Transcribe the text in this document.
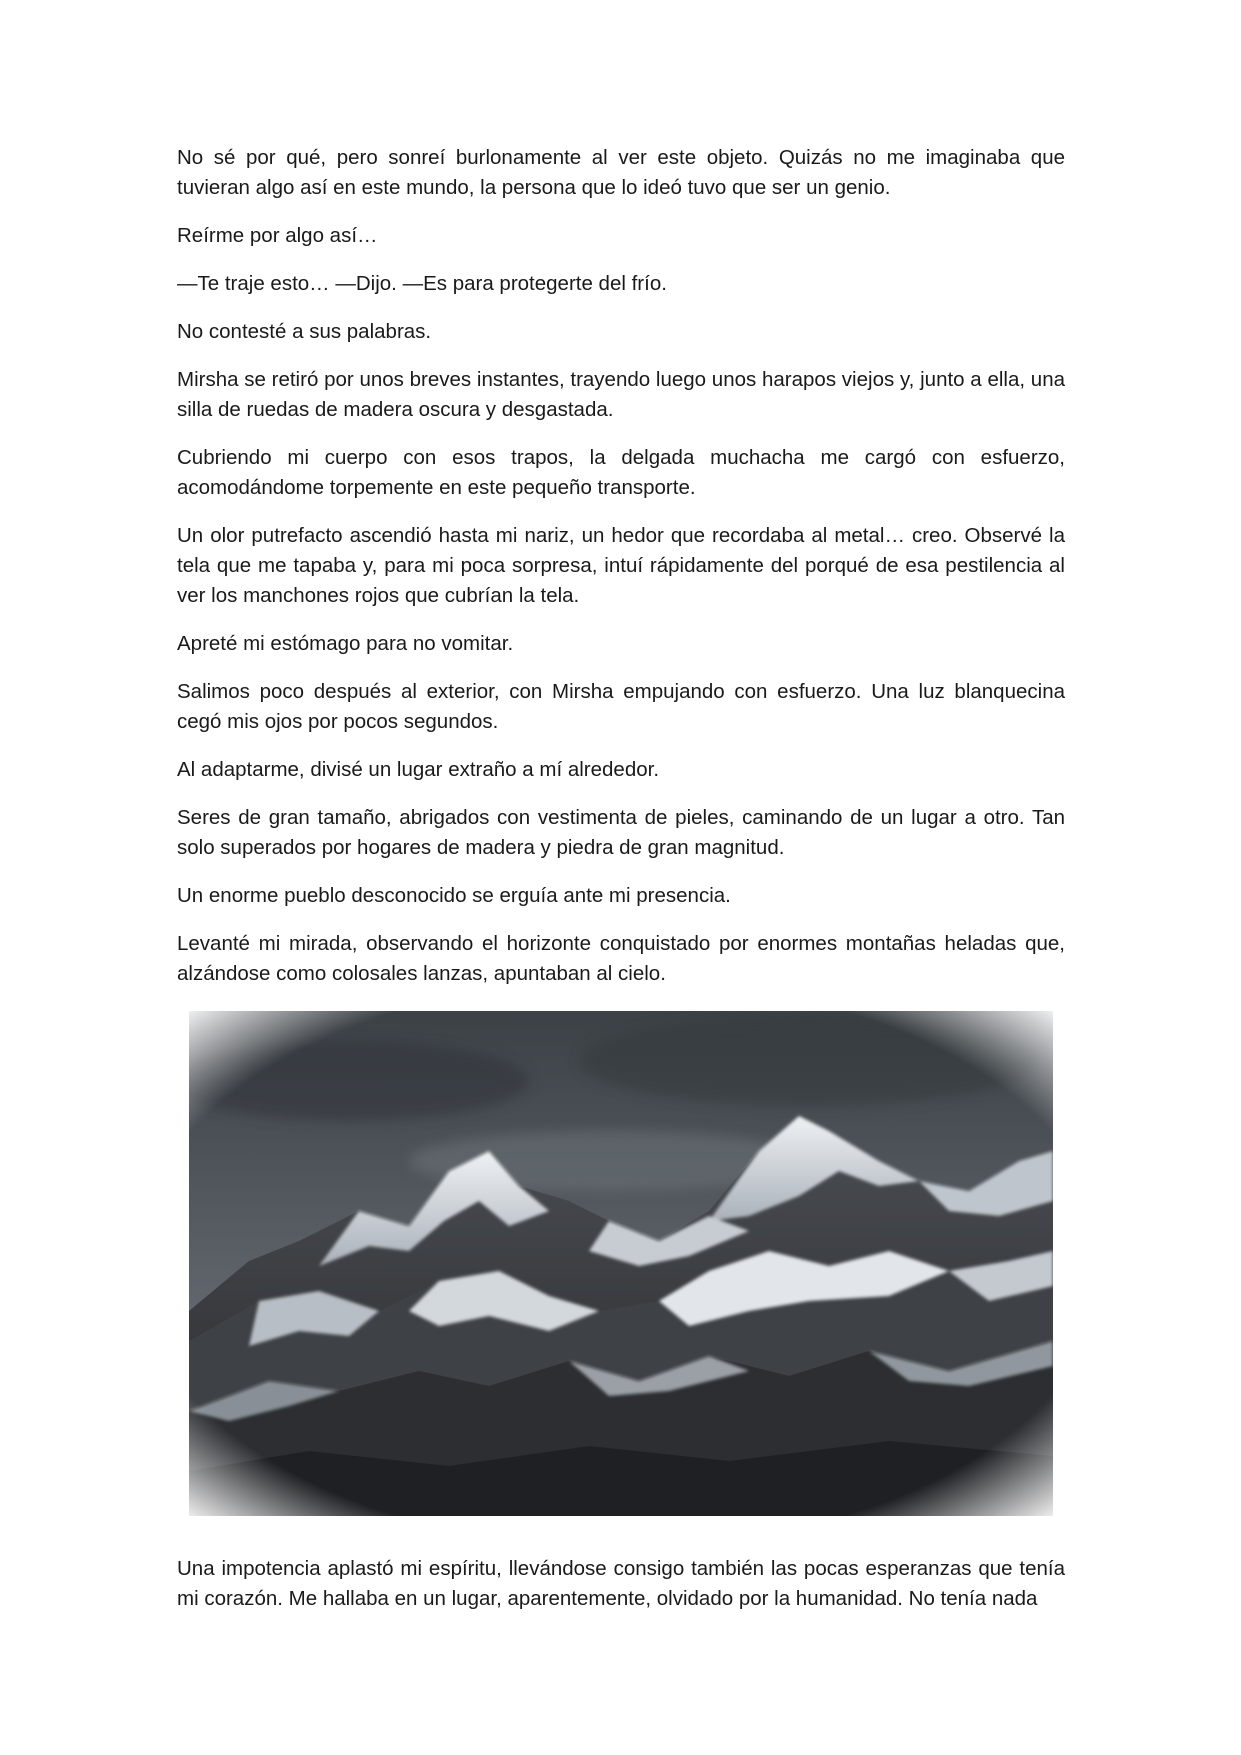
No sé por qué, pero sonreí burlonamente al ver este objeto. Quizás no me imaginaba que tuvieran algo así en este mundo, la persona que lo ideó tuvo que ser un genio.

Reírme por algo así…

—Te traje esto… —Dijo. —Es para protegerte del frío.

No contesté a sus palabras.

Mirsha se retiró por unos breves instantes, trayendo luego unos harapos viejos y, junto a ella, una silla de ruedas de madera oscura y desgastada.

Cubriendo mi cuerpo con esos trapos, la delgada muchacha me cargó con esfuerzo, acomodándome torpemente en este pequeño transporte.

Un olor putrefacto ascendió hasta mi nariz, un hedor que recordaba al metal… creo. Observé la tela que me tapaba y, para mi poca sorpresa, intuí rápidamente del porqué de esa pestilencia al ver los manchones rojos que cubrían la tela.

Apreté mi estómago para no vomitar.

Salimos poco después al exterior, con Mirsha empujando con esfuerzo. Una luz blanquecina cegó mis ojos por pocos segundos.

Al adaptarme, divisé un lugar extraño a mí alrededor.

Seres de gran tamaño, abrigados con vestimenta de pieles, caminando de un lugar a otro. Tan solo superados por hogares de madera y piedra de gran magnitud.

Un enorme pueblo desconocido se erguía ante mi presencia.

Levanté mi mirada, observando el horizonte conquistado por enormes montañas heladas que, alzándose como colosales lanzas, apuntaban al cielo.

Una impotencia aplastó mi espíritu, llevándose consigo también las pocas esperanzas que tenía mi corazón. Me hallaba en un lugar, aparentemente, olvidado por la humanidad. No tenía nada
